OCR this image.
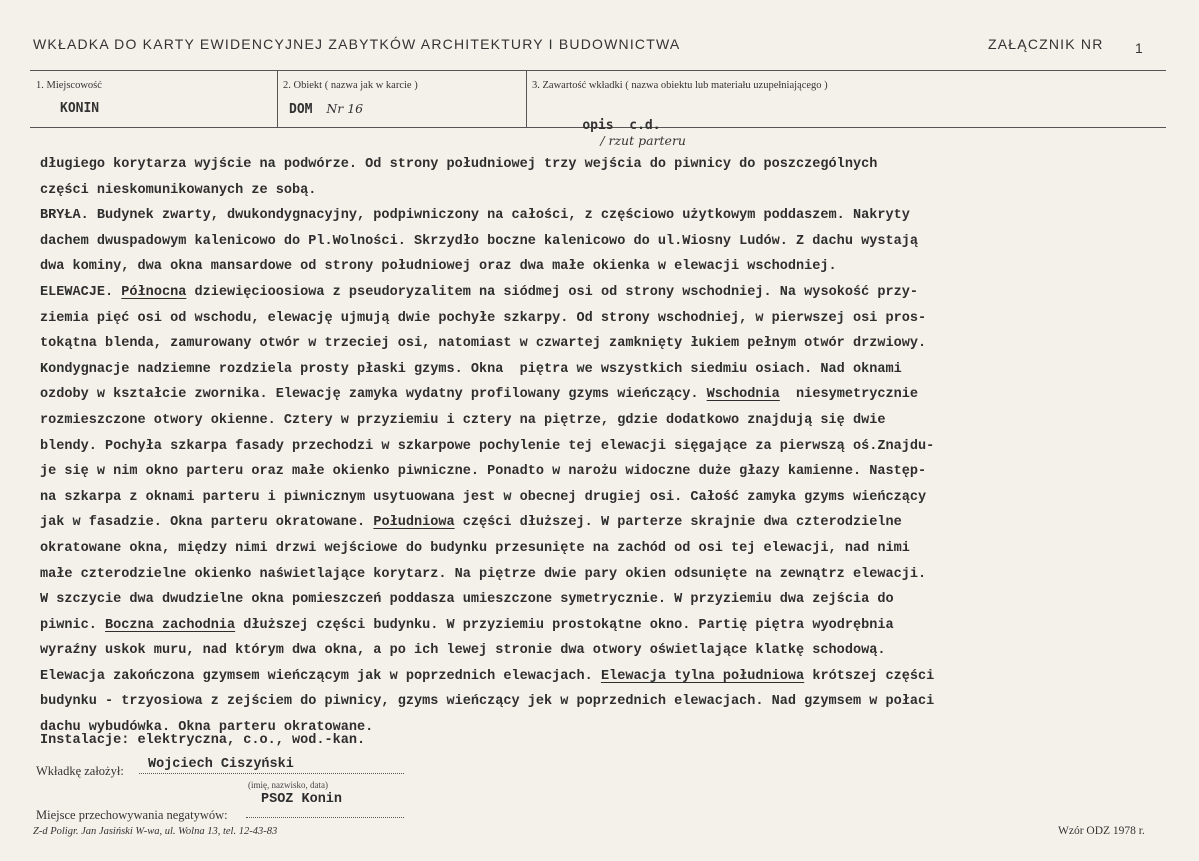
WKŁADKA DO KARTY EWIDENCYJNEJ ZABYTKÓW ARCHITEKTURY I BUDOWNICTWA	ZAŁĄCZNIK NR 1
1. Miejscowość
KONIN
2. Obiekt ( nazwa jak w karcie )
DOM Nr 16
3. Zawartość wkładki ( nazwa obiektu lub materiału uzupełniającego )

opis  c.d.
/ rzut parteru

długiego korytarza wyjście na podwórze. Od strony południowej trzy wejścia do piwnicy do poszczególnych
części nieskomunikowanych ze sobą.
BRYŁA. Budynek zwarty, dwukondygnacyjny, podpiwniczony na całości, z częściowo użytkowym poddaszem. Nakryty
dachem dwuspadowym kalenicowo do Pl.Wolności. Skrzydło boczne kalenicowo do ul.Wiosny Ludów. Z dachu wystają
dwa kominy, dwa okna mansardowe od strony południowej oraz dwa małe okienka w elewacji wschodniej.
ELEWACJE. Północna dziewięcioosiowa z pseudoryzalitem na siódmej osi od strony wschodniej. Na wysokość przy-
ziemia pięć osi od wschodu, elewację ujmują dwie pochyłe szkarpy. Od strony wschodniej, w pierwszej osi pros-
tokątna blenda, zamurowany otwór w trzeciej osi, natomiast w czwartej zamknięty łukiem pełnym otwór drzwiowy.
Kondygnacje nadziemne rozdziela prosty płaski gzyms. Okna  piętra we wszystkich siedmiu osiach. Nad oknami
ozdoby w kształcie zwornika. Elewację zamyka wydatny profilowany gzyms wieńczący. Wschodnia  niesymetrycznie
rozmieszczone otwory okienne. Cztery w przyziemiu i cztery na piętrze, gdzie dodatkowo znajdują się dwie
blendy. Pochyła szkarpa fasady przechodzi w szkarpowe pochylenie tej elewacji sięgające za pierwszą oś.Znajdu-
je się w nim okno parteru oraz małe okienko piwniczne. Ponadto w narożu widoczne duże głazy kamienne. Następ-
na szkarpa z oknami parteru i piwnicznym usytuowana jest w obecnej drugiej osi. Całość zamyka gzyms wieńczący
jak w fasadzie. Okna parteru okratowane. Południowa części dłuższej. W parterze skrajnie dwa czterodzielne
okratowane okna, między nimi drzwi wejściowe do budynku przesunięte na zachód od osi tej elewacji, nad nimi
małe czterodzielne okienko naświetlające korytarz. Na piętrze dwie pary okien odsunięte na zewnątrz elewacji.
W szczycie dwa dwudzielne okna pomieszczeń poddasza umieszczone symetrycznie. W przyziemiu dwa zejścia do
piwnic. Boczna zachodnia dłuższej części budynku. W przyziemiu prostokątne okno. Partię piętra wyodrębnia
wyraźny uskok muru, nad którym dwa okna, a po ich lewej stronie dwa otwory oświetlające klatkę schodową.
Elewacja zakończona gzymsem wieńczącym jak w poprzednich elewacjach. Elewacja tylna południowa krótszej części
budynku - trzyosiowa z zejściem do piwnicy, gzyms wieńczący jek w poprzednich elewacjach. Nad gzymsem w połaci
dachu wybudówka. Okna parteru okratowane.
Instalacje: elektryczna, c.o., wod.-kan.
Wkładkę założył: Wojciech Ciszyński
(imię, nazwisko, data)
Miejsce przechowywania negatywów:
PSOZ Konin
Z-d Poligr. Jan Jasiński W-wa, ul. Wolna 13, tel. 12-43-83	Wzór ODZ 1978 r.
